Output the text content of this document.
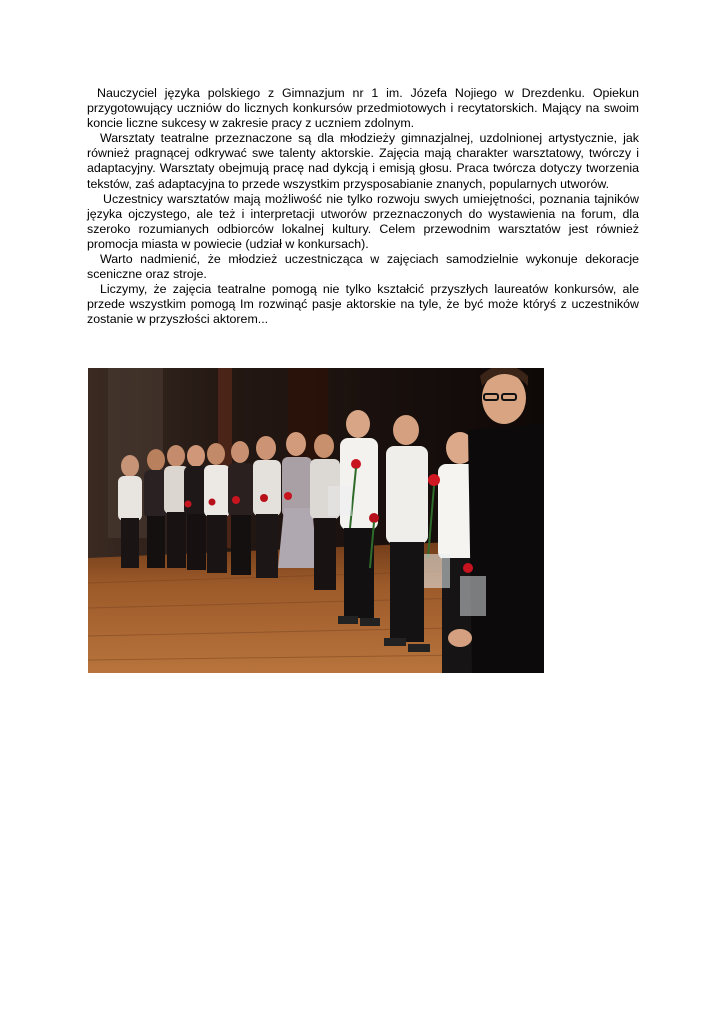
Nauczyciel języka polskiego z Gimnazjum nr 1 im. Józefa Nojiego w Drezdenku. Opiekun przygotowujący uczniów do licznych konkursów przedmiotowych i recytatorskich. Mający na swoim koncie liczne sukcesy w zakresie pracy z uczniem zdolnym.

Warsztaty teatralne przeznaczone są dla młodzieży gimnazjalnej, uzdolnionej artystycznie, jak również pragnącej odkrywać swe talenty aktorskie. Zajęcia mają charakter warsztatowy, twórczy i adaptacyjny. Warsztaty obejmują pracę nad dykcją i emisją głosu. Praca twórcza dotyczy tworzenia tekstów, zaś adaptacyjna to przede wszystkim przysposabianie znanych, popularnych utworów.

Uczestnicy warsztatów mają możliwość nie tylko rozwoju swych umiejętności, poznania tajników języka ojczystego, ale też i interpretacji utworów przeznaczonych do wystawienia na forum, dla szeroko rozumianych odbiorców lokalnej kultury. Celem przewodnim warsztatów jest również promocja miasta w powiecie (udział w konkursach).

Warto nadmienić, że młodzież uczestnicząca w zajęciach samodzielnie wykonuje dekoracje sceniczne oraz stroje.

Liczymy, że zajęcia teatralne pomogą nie tylko kształcić przyszłych laureatów konkursów, ale przede wszystkim pomogą Im rozwinąć pasje aktorskie na tyle, że być może któryś z uczestników zostanie w przyszłości aktorem...
